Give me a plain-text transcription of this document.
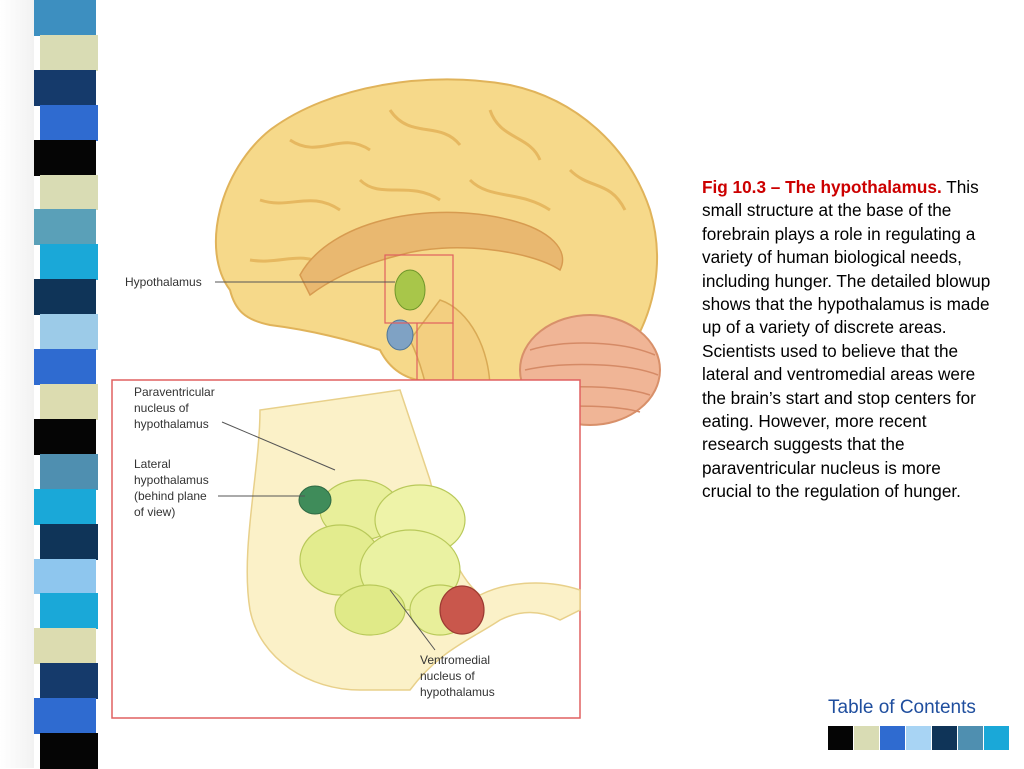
Hypothalamus
Paraventricular
nucleus of
hypothalamus
Lateral
hypothalamus
(behind plane
of view)
Ventromedial
nucleus of
hypothalamus
Fig 10.3 – The hypothalamus. This small structure at the base of the forebrain plays a role in regulating a variety of human biological needs, including hunger. The detailed blowup shows that the hypothalamus is made up of a variety of discrete areas. Scientists used to believe that the lateral and ventromedial areas were the brain’s start and stop centers for eating. However, more recent research suggests that the paraventricular nucleus is more crucial to the regulation of hunger.
Table of Contents
